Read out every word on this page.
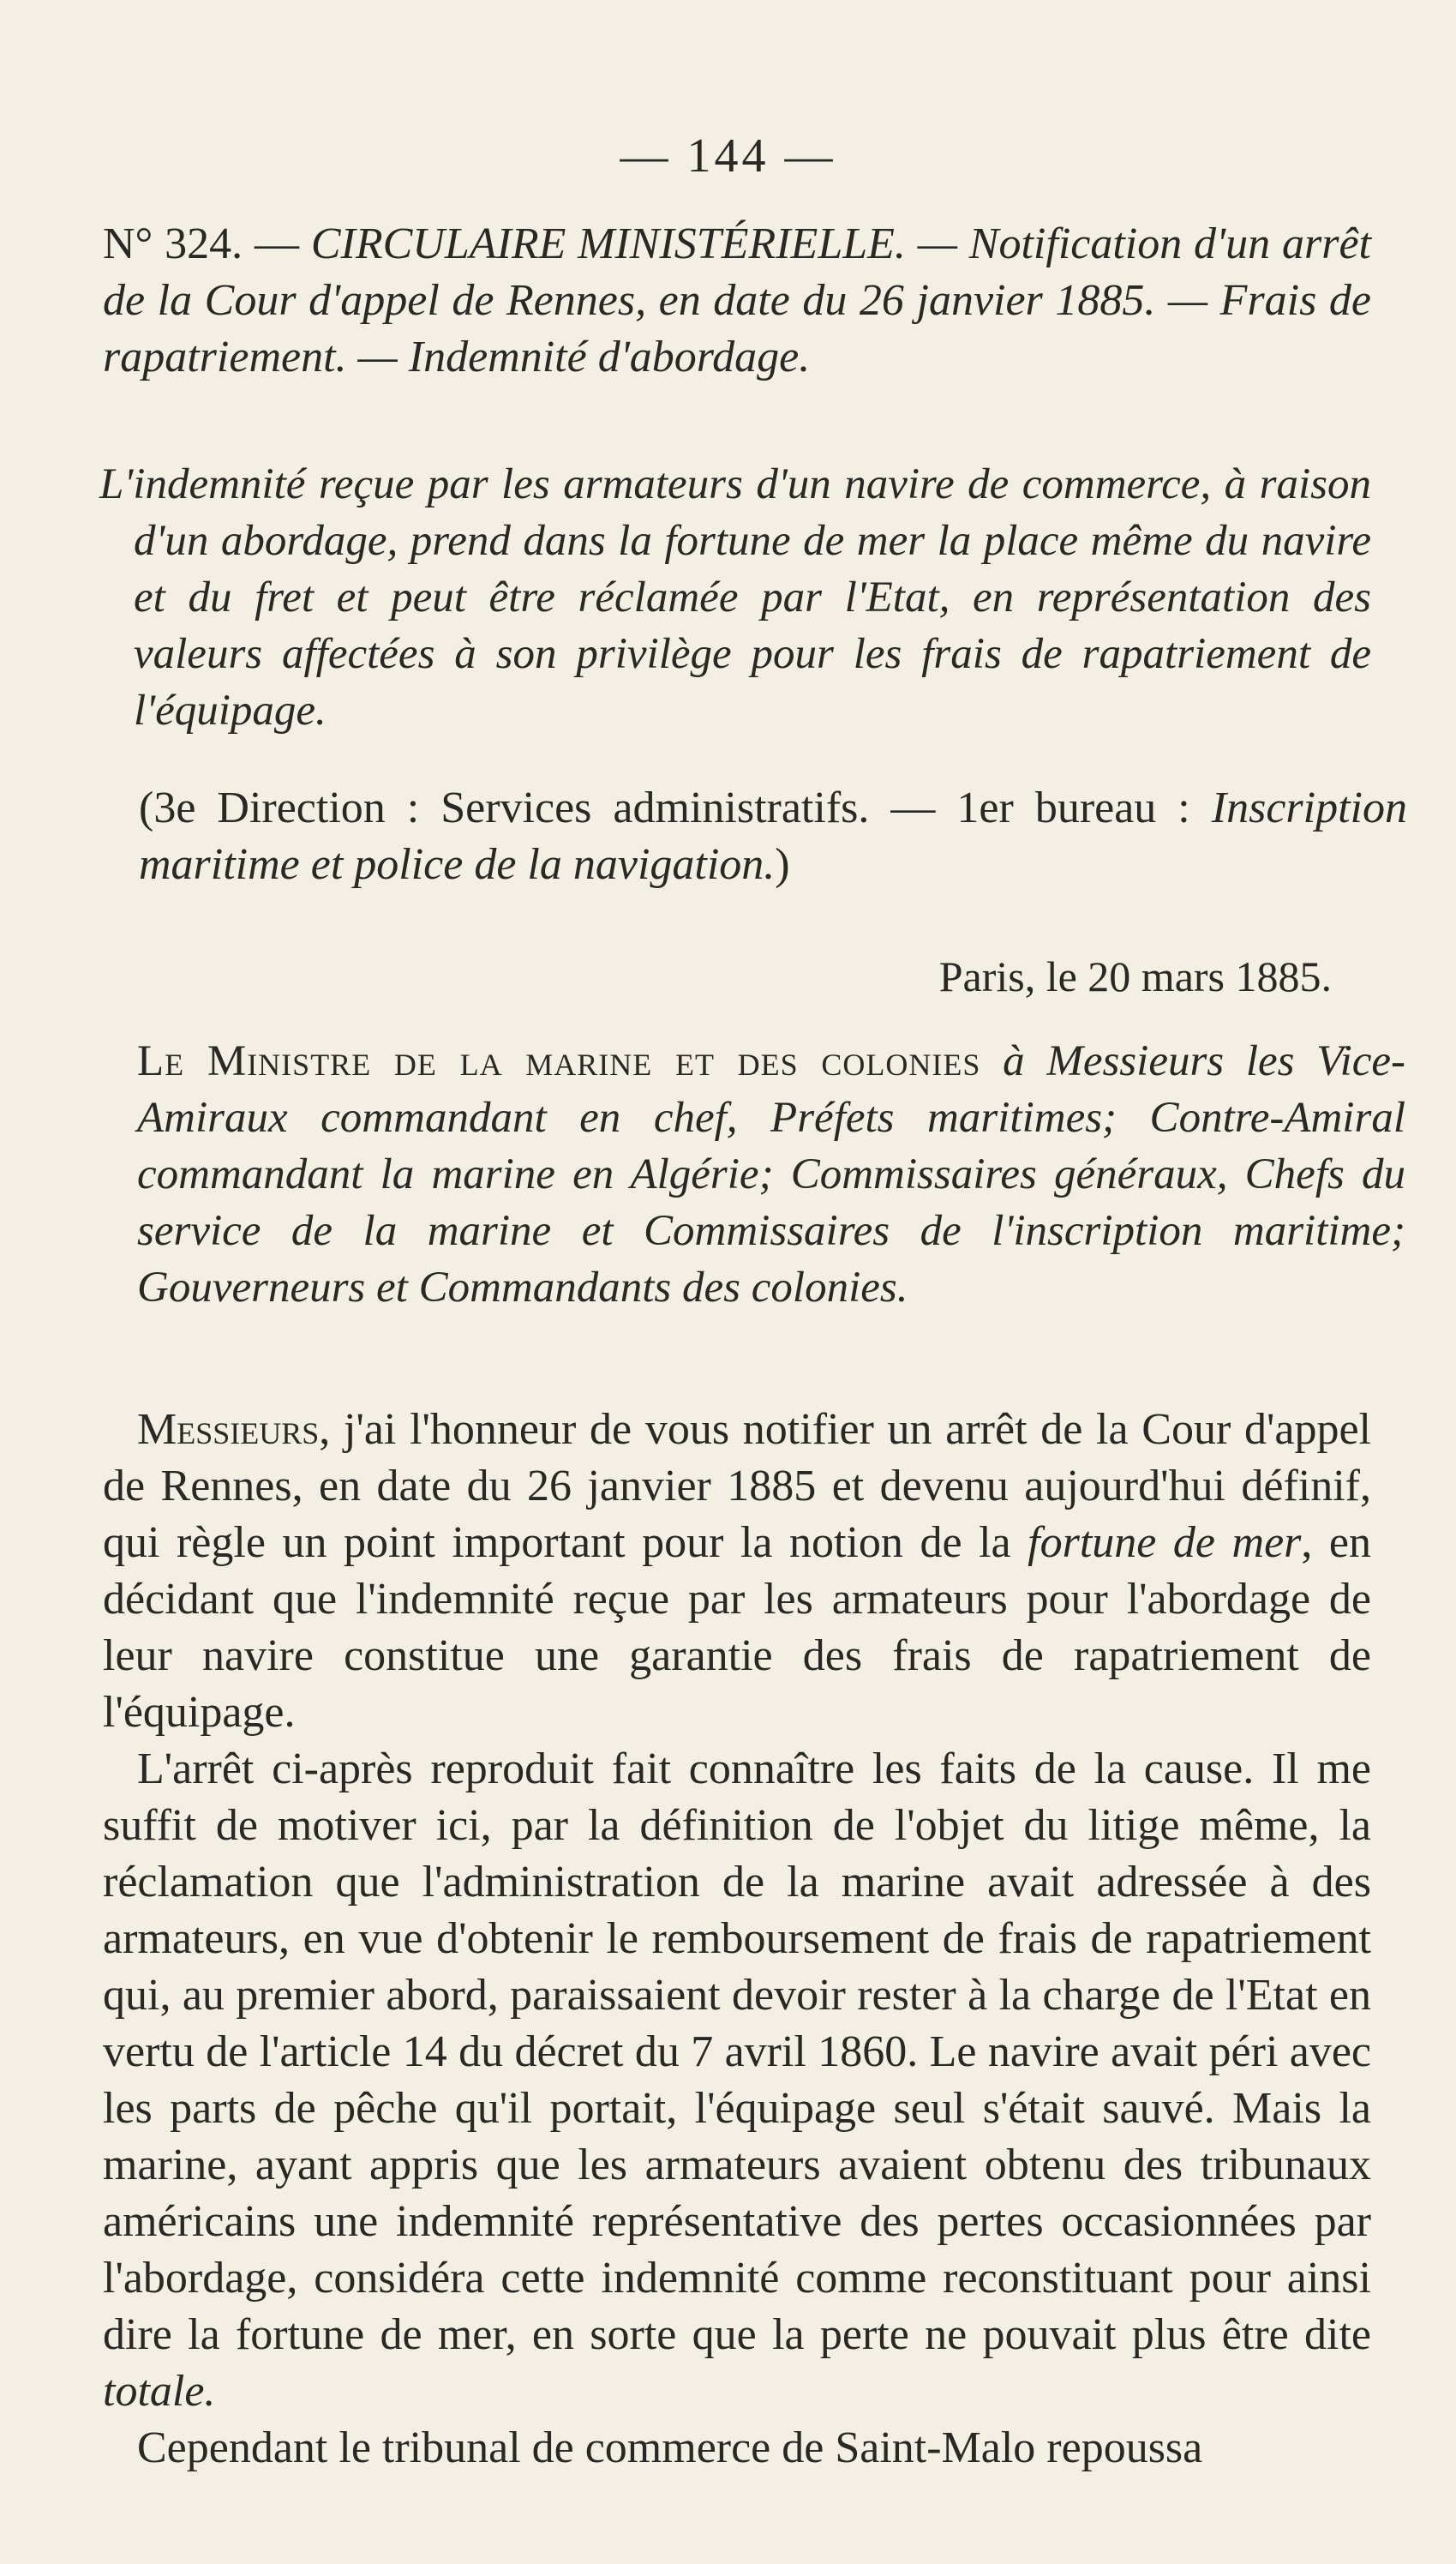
— 144 —
N° 324. — CIRCULAIRE MINISTÉRIELLE. — Notification d'un arrêt de la Cour d'appel de Rennes, en date du 26 janvier 1885. — Frais de rapatriement. — Indemnité d'abordage.
L'indemnité reçue par les armateurs d'un navire de commerce, à raison d'un abordage, prend dans la fortune de mer la place même du navire et du fret et peut être réclamée par l'Etat, en représentation des valeurs affectées à son privilège pour les frais de rapatriement de l'équipage.
(3e Direction : Services administratifs. — 1er bureau : Inscription maritime et police de la navigation.)
Paris, le 20 mars 1885.
Le Ministre de la marine et des colonies à Messieurs les Vice-Amiraux commandant en chef, Préfets maritimes; Contre-Amiral commandant la marine en Algérie; Commissaires généraux, Chefs du service de la marine et Commissaires de l'inscription maritime; Gouverneurs et Commandants des colonies.

Messieurs, j'ai l'honneur de vous notifier un arrêt de la Cour d'appel de Rennes, en date du 26 janvier 1885 et devenu aujourd'hui définif, qui règle un point important pour la notion de la fortune de mer, en décidant que l'indemnité reçue par les armateurs pour l'abordage de leur navire constitue une garantie des frais de rapatriement de l'équipage.

L'arrêt ci-après reproduit fait connaître les faits de la cause. Il me suffit de motiver ici, par la définition de l'objet du litige même, la réclamation que l'administration de la marine avait adressée à des armateurs, en vue d'obtenir le remboursement de frais de rapatriement qui, au premier abord, paraissaient devoir rester à la charge de l'Etat en vertu de l'article 14 du décret du 7 avril 1860. Le navire avait péri avec les parts de pêche qu'il portait, l'équipage seul s'était sauvé. Mais la marine, ayant appris que les armateurs avaient obtenu des tribunaux américains une indemnité représentative des pertes occasionnées par l'abordage, considéra cette indemnité comme reconstituant pour ainsi dire la fortune de mer, en sorte que la perte ne pouvait plus être dite totale.

Cependant le tribunal de commerce de Saint-Malo repoussa
